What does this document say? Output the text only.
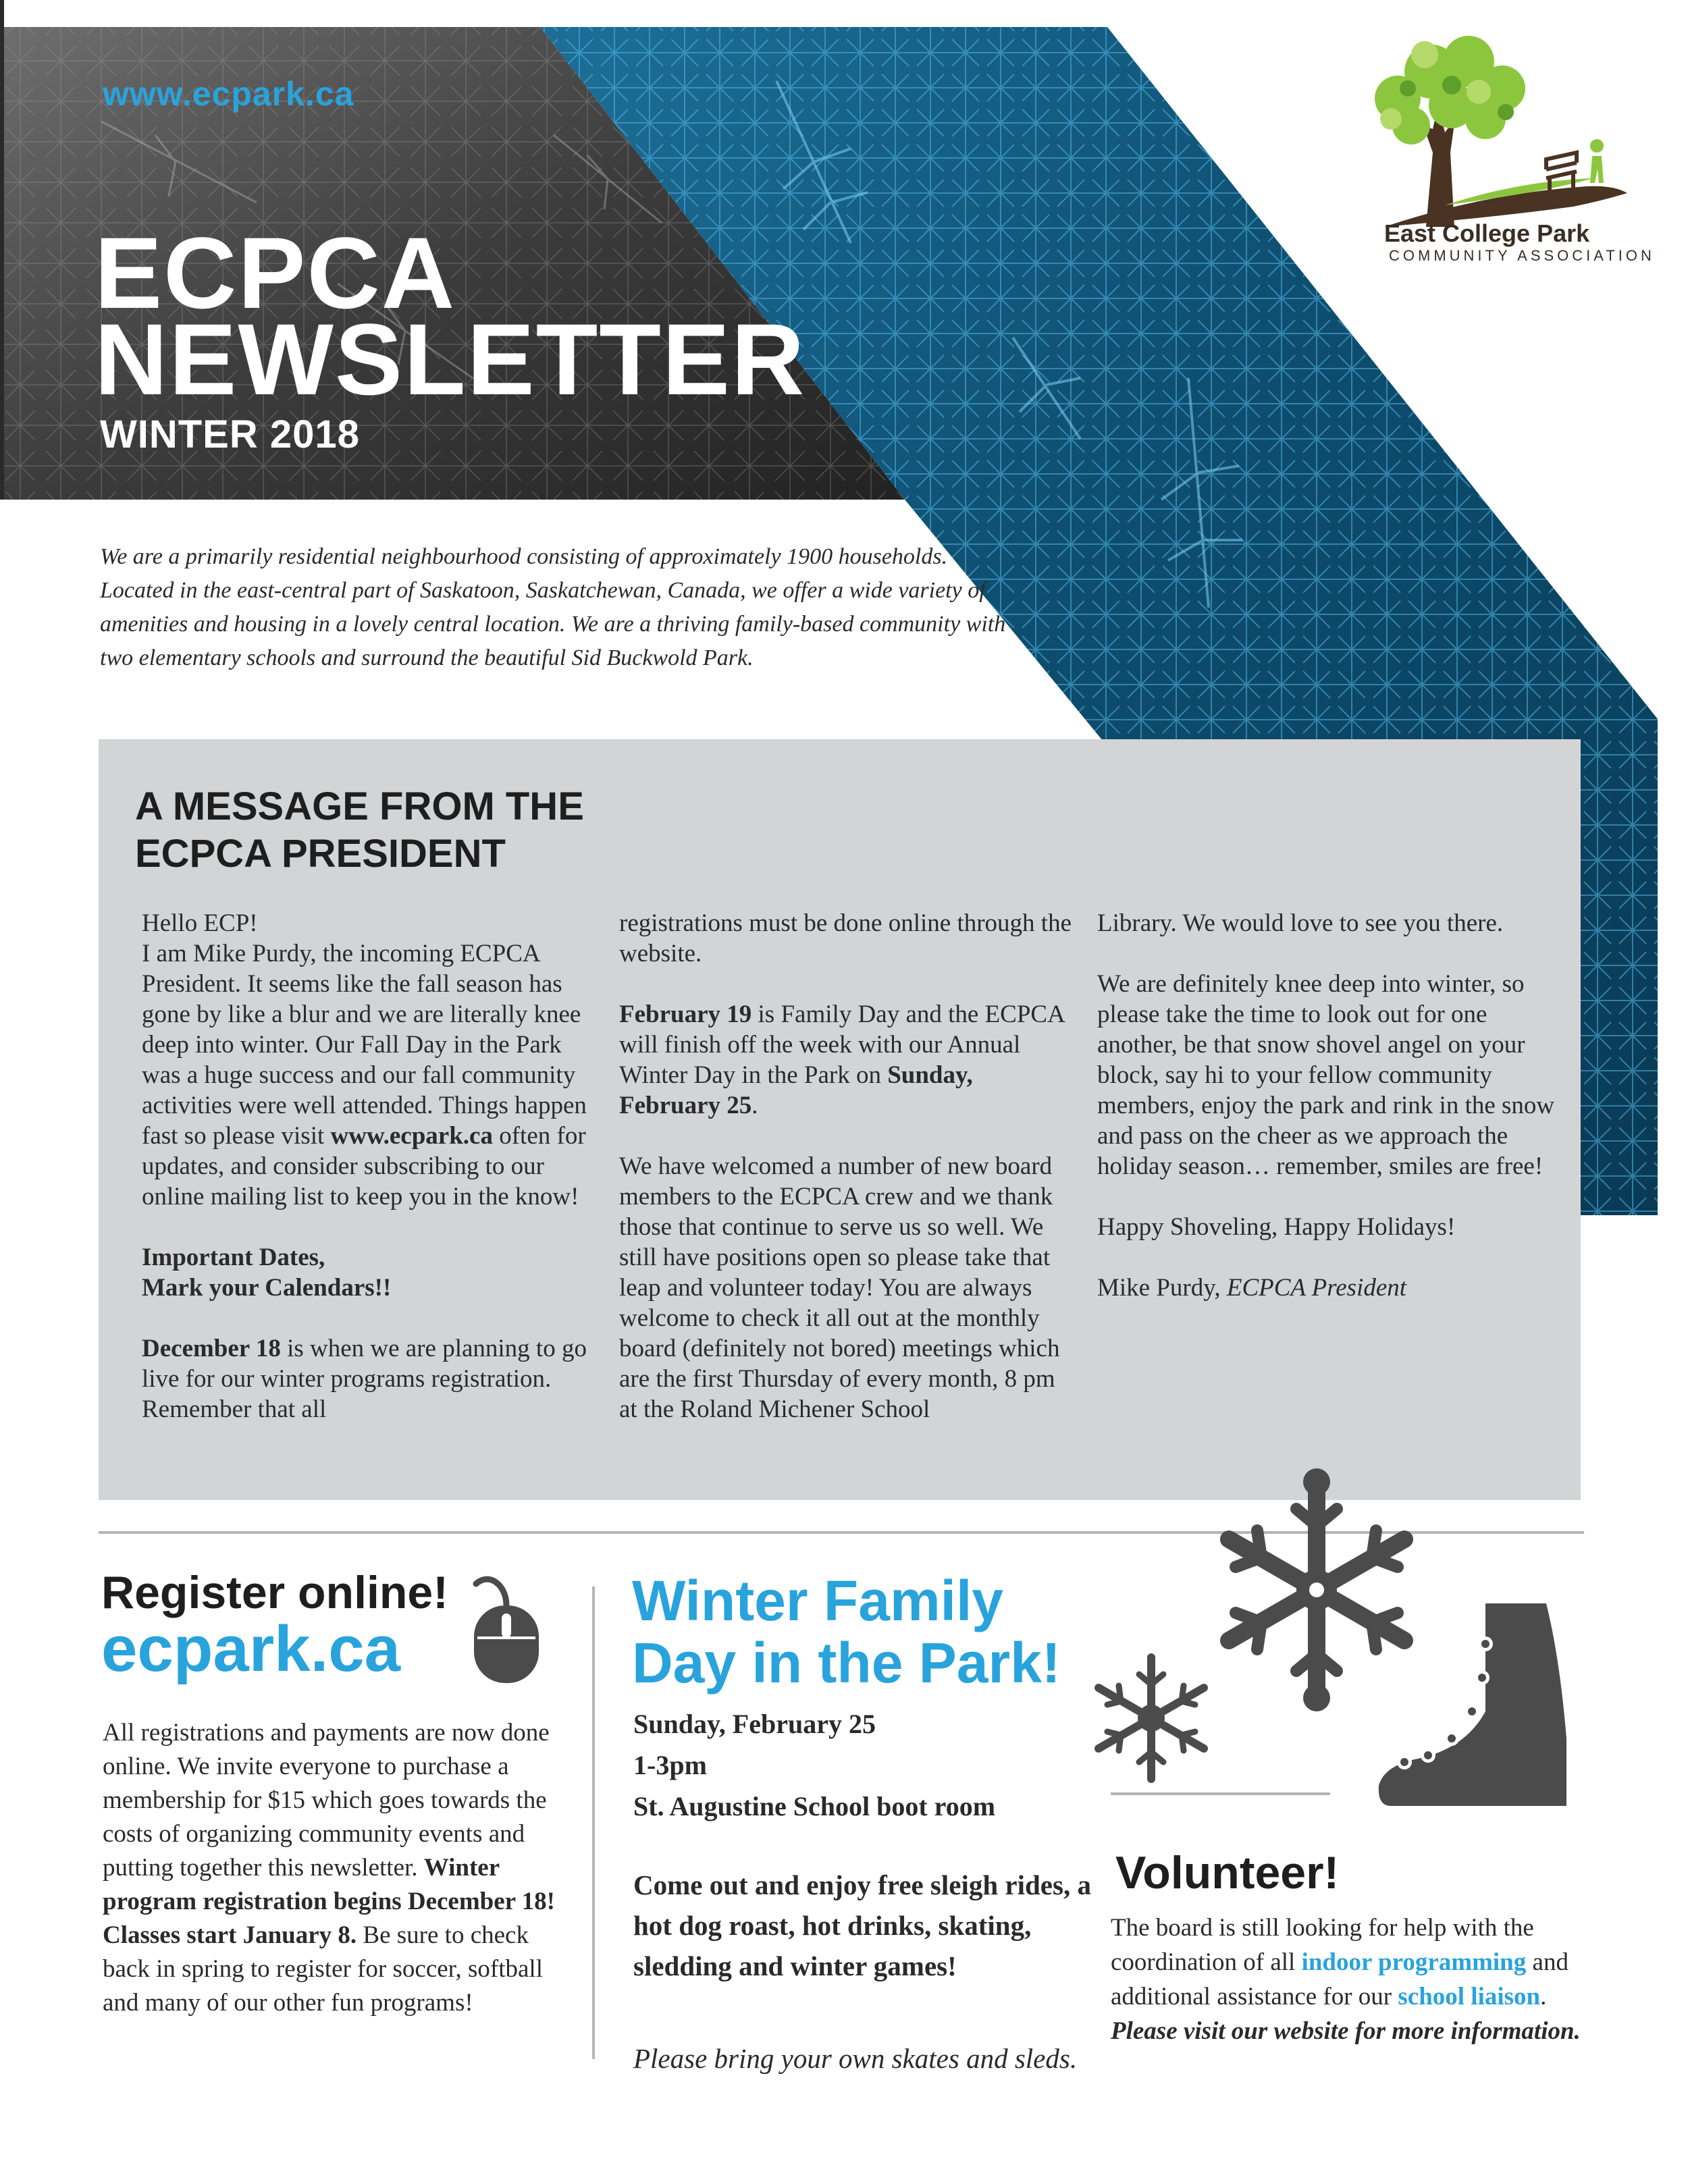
www.ecpark.ca
ECPCA
NEWSLETTER
WINTER 2018
East College Park
COMMUNITY ASSOCIATION
We are a primarily residential neighbourhood consisting of approximately 1900 households. Located in the east-central part of Saskatoon, Saskatchewan, Canada, we offer a wide variety of amenities and housing in a lovely central location. We are a thriving family-based community with two elementary schools and surround the beautiful Sid Buckwold Park.
A MESSAGE FROM THE
ECPCA PRESIDENT

Hello ECP!

I am Mike Purdy, the incoming ECPCA President. It seems like the fall season has gone by like a blur and we are literally knee deep into winter. Our Fall Day in the Park was a huge success and our fall community activities were well attended. Things happen fast so please visit www.ecpark.ca often for updates, and consider subscribing to our online mailing list to keep you in the know!

Important Dates,
Mark your Calendars!!

December 18 is when we are planning to go live for our winter programs registration. Remember that all

registrations must be done online through the website.

February 19 is Family Day and the ECPCA will finish off the week with our Annual Winter Day in the Park on Sunday, February 25.

We have welcomed a number of new board members to the ECPCA crew and we thank those that continue to serve us so well. We still have positions open so please take that leap and volunteer today! You are always welcome to check it all out at the monthly board (definitely not bored) meetings which are the first Thursday of every month, 8 pm at the Roland Michener School

Library. We would love to see you there.

We are definitely knee deep into winter, so please take the time to look out for one another, be that snow shovel angel on your block, say hi to your fellow community members, enjoy the park and rink in the snow and pass on the cheer as we approach the holiday season… remember, smiles are free!

Happy Shoveling, Happy Holidays!

Mike Purdy, ECPCA President

Register online!
ecpark.ca
All registrations and payments are now done online. We invite everyone to purchase a membership for $15 which goes towards the costs of organizing community events and putting together this newsletter. Winter program registration begins December 18! Classes start January 8. Be sure to check back in spring to register for soccer, softball and many of our other fun programs!
Winter Family
Day in the Park!
Sunday, February 25
1-3pm
St. Augustine School boot room
Come out and enjoy free sleigh rides, a hot dog roast, hot drinks, skating, sledding and winter games!
Please bring your own skates and sleds.
Volunteer!
The board is still looking for help with the coordination of all indoor programming and additional assistance for our school liaison. Please visit our website for more information.
